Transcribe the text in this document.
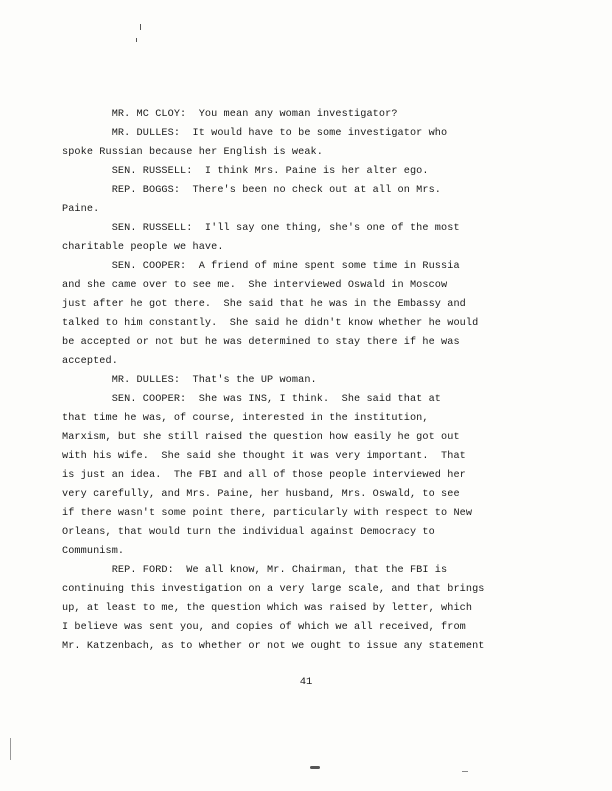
MR. MC CLOY:  You mean any woman investigator?
MR. DULLES:  It would have to be some investigator who
spoke Russian because her English is weak.
SEN. RUSSELL:  I think Mrs. Paine is her alter ego.
REP. BOGGS:  There's been no check out at all on Mrs.
Paine.
SEN. RUSSELL:  I'll say one thing, she's one of the most
charitable people we have.
SEN. COOPER:  A friend of mine spent some time in Russia
and she came over to see me.  She interviewed Oswald in Moscow
just after he got there.  She said that he was in the Embassy and
talked to him constantly.  She said he didn't know whether he would
be accepted or not but he was determined to stay there if he was
accepted.
MR. DULLES:  That's the UP woman.
SEN. COOPER:  She was INS, I think.  She said that at
that time he was, of course, interested in the institution,
Marxism, but she still raised the question how easily he got out
with his wife.  She said she thought it was very important.  That
is just an idea.  The FBI and all of those people interviewed her
very carefully, and Mrs. Paine, her husband, Mrs. Oswald, to see
if there wasn't some point there, particularly with respect to New
Orleans, that would turn the individual against Democracy to
Communism.
REP. FORD:  We all know, Mr. Chairman, that the FBI is
continuing this investigation on a very large scale, and that brings
up, at least to me, the question which was raised by letter, which
I believe was sent you, and copies of which we all received, from
Mr. Katzenbach, as to whether or not we ought to issue any statement
41
